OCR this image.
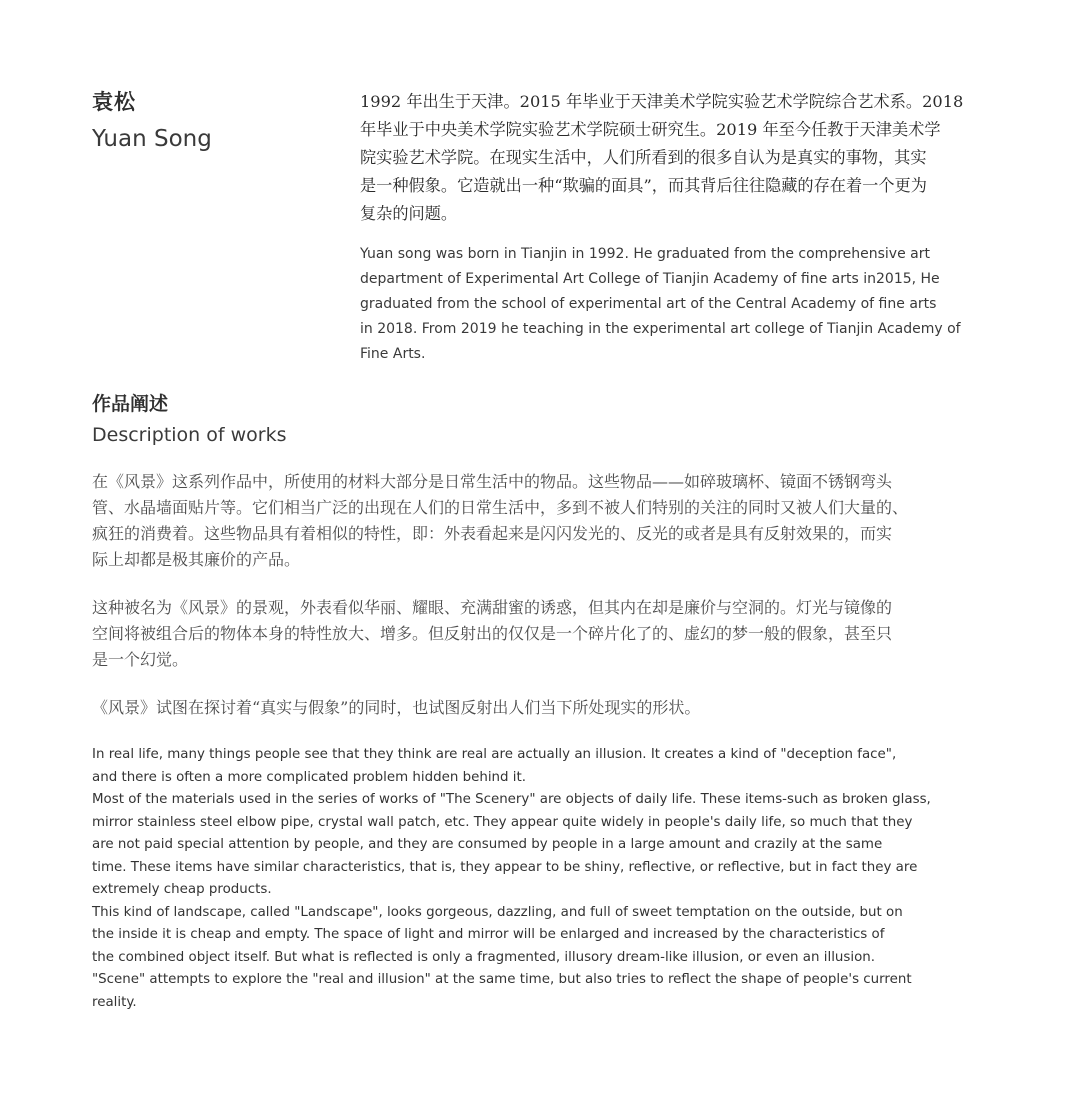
袁松
Yuan Song
1992 年出生于天津。2015 年毕业于天津美术学院实验艺术学院综合艺术系。2018
年毕业于中央美术学院实验艺术学院硕士研究生。2019 年至今任教于天津美术学
院实验艺术学院。在现实生活中，人们所看到的很多自认为是真实的事物，其实
是一种假象。它造就出一种“欺骗的面具”，而其背后往往隐藏的存在着一个更为
复杂的问题。
Yuan song was born in Tianjin in 1992. He graduated from the comprehensive art
department of Experimental Art College of Tianjin Academy of fine arts in2015, He
graduated from the school of experimental art of the Central Academy of fine arts
in 2018. From 2019 he teaching in the experimental art college of Tianjin Academy of
Fine Arts.
作品阐述
Description of works
在《风景》这系列作品中，所使用的材料大部分是日常生活中的物品。这些物品——如碎玻璃杯、镜面不锈钢弯头
管、水晶墙面贴片等。它们相当广泛的出现在人们的日常生活中，多到不被人们特别的关注的同时又被人们大量的、
疯狂的消费着。这些物品具有着相似的特性，即：外表看起来是闪闪发光的、反光的或者是具有反射效果的，而实
际上却都是极其廉价的产品。
这种被名为《风景》的景观，外表看似华丽、耀眼、充满甜蜜的诱惑，但其内在却是廉价与空洞的。灯光与镜像的
空间将被组合后的物体本身的特性放大、增多。但反射出的仅仅是一个碎片化了的、虚幻的梦一般的假象，甚至只
是一个幻觉。
《风景》试图在探讨着“真实与假象”的同时，也试图反射出人们当下所处现实的形状。
In real life, many things people see that they think are real are actually an illusion. It creates a kind of "deception face",
and there is often a more complicated problem hidden behind it.
Most of the materials used in the series of works of "The Scenery" are objects of daily life. These items-such as broken glass,
mirror stainless steel elbow pipe, crystal wall patch, etc. They appear quite widely in people's daily life, so much that they
are not paid special attention by people, and they are consumed by people in a large amount and crazily at the same
time. These items have similar characteristics, that is, they appear to be shiny, reflective, or reflective, but in fact they are
extremely cheap products.
This kind of landscape, called "Landscape", looks gorgeous, dazzling, and full of sweet temptation on the outside, but on
the inside it is cheap and empty. The space of light and mirror will be enlarged and increased by the characteristics of
the combined object itself. But what is reflected is only a fragmented, illusory dream-like illusion, or even an illusion.
"Scene" attempts to explore the "real and illusion" at the same time, but also tries to reflect the shape of people's current
reality.
